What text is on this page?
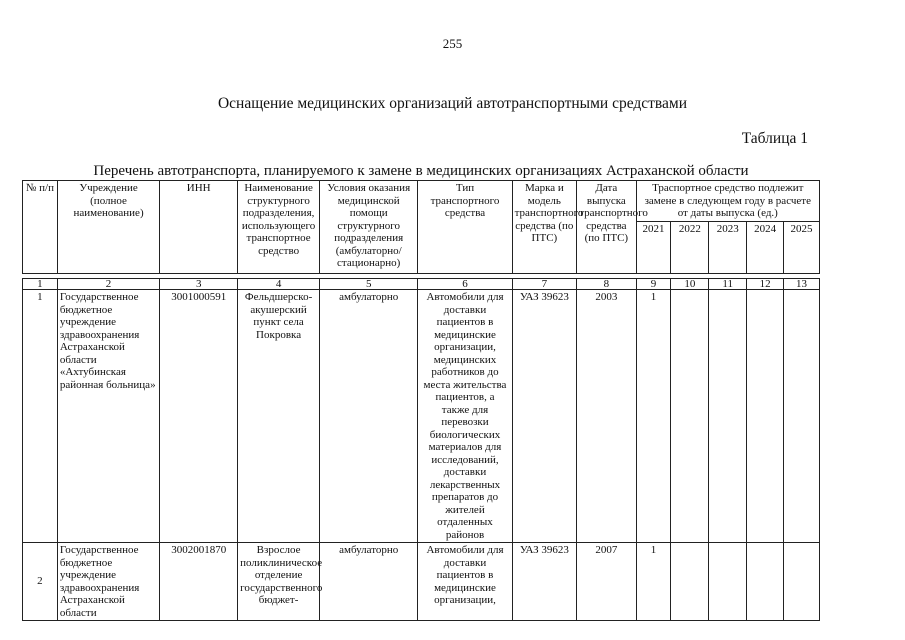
255
Оснащение медицинских организаций автотранспортными средствами
Таблица 1
Перечень автотранспорта, планируемого к замене в медицинских организациях Астраханской области
№ п/п	Учреждение (полное наименование)	ИНН	Наименование структурного подразделения, использующего транспортное средство	Условия оказания медицинской помощи структурного подразделения (амбулаторно/стационарно)	Тип транспортного средства	Марка и модель транспортного средства (по ПТС)	Дата выпуска транспортного средства (по ПТС)	Траспортное средство подлежит замене в следующем году в расчете от даты выпуска (ед.)				
								2021	2022	2023	2024	2025

1	2	3	4	5	6	7	8	9	10	11	12	13
1	Государственное бюджетное учреждение здравоохранения Астраханской области «Ахтубинская районная больница»	3001000591	Фельдшерско-акушерский пункт села Покровка	амбулаторно	Автомобили для доставки пациентов в медицинские организации, медицинских работников до места жительства пациентов, а также для перевозки биологических материалов для исследований, доставки лекарственных препаратов до жителей отдаленных районов	УАЗ 39623	2003	1				
2	Государственное бюджетное учреждение здравоохранения Астраханской области	3002001870	Взрослое поликлиническое отделение государственного бюджет-	амбулаторно	Автомобили для доставки пациентов в медицинские организации,	УАЗ 39623	2007	1				
